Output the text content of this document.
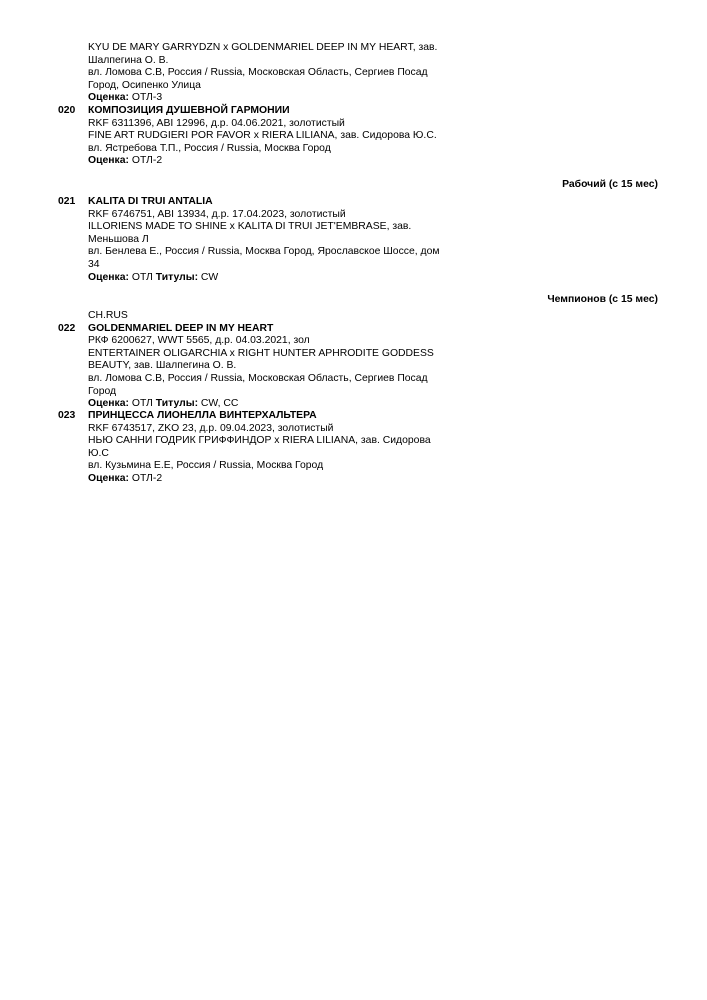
KYU DE MARY GARRYDZN x GOLDENMARIEL DEEP IN MY HEART, зав.
Шалпегина О. В.
вл. Ломова С.В, Россия / Russia, Московская Область, Сергиев Посад
Город, Осипенко Улица
Оценка: ОТЛ-3
020	КОМПОЗИЦИЯ ДУШЕВНОЙ ГАРМОНИИ
RKF 6311396, ABI 12996, д.р. 04.06.2021, золотистый
FINE ART RUDGIERI POR FAVOR x RIERA LILIANA, зав. Сидорова Ю.С.
вл. Ястребова Т.П., Россия / Russia, Москва Город
Оценка: ОТЛ-2
Рабочий (с 15 мес)
021	KALITA DI TRUI ANTALIA
RKF 6746751, ABI 13934, д.р. 17.04.2023, золотистый
ILLORIENS MADE TO SHINE x KALITA DI TRUI JET'EMBRASE, зав.
Меньшова Л
вл. Бенлева Е., Россия / Russia, Москва Город, Ярославское Шоссе, дом
34
Оценка: ОТЛ Титулы: CW
Чемпионов (с 15 мес)
CH.RUS
022	GOLDENMARIEL DEEP IN MY HEART
РКФ 6200627, WWT 5565, д.р. 04.03.2021, зол
ENTERTAINER OLIGARCHIA x RIGHT HUNTER APHRODITE GODDESS
BEAUTY, зав. Шалпегина О. В.
вл. Ломова С.В, Россия / Russia, Московская Область, Сергиев Посад
Город
Оценка: ОТЛ Титулы: CW, CC
023	ПРИНЦЕССА ЛИОНЕЛЛА ВИНТЕРХАЛЬТЕРА
RKF 6743517, ZKO 23, д.р. 09.04.2023, золотистый
НЬЮ САННИ ГОДРИК ГРИФФИНДОР x RIERA LILIANA, зав. Сидорова
Ю.С
вл. Кузьмина Е.Е, Россия / Russia, Москва Город
Оценка: ОТЛ-2
